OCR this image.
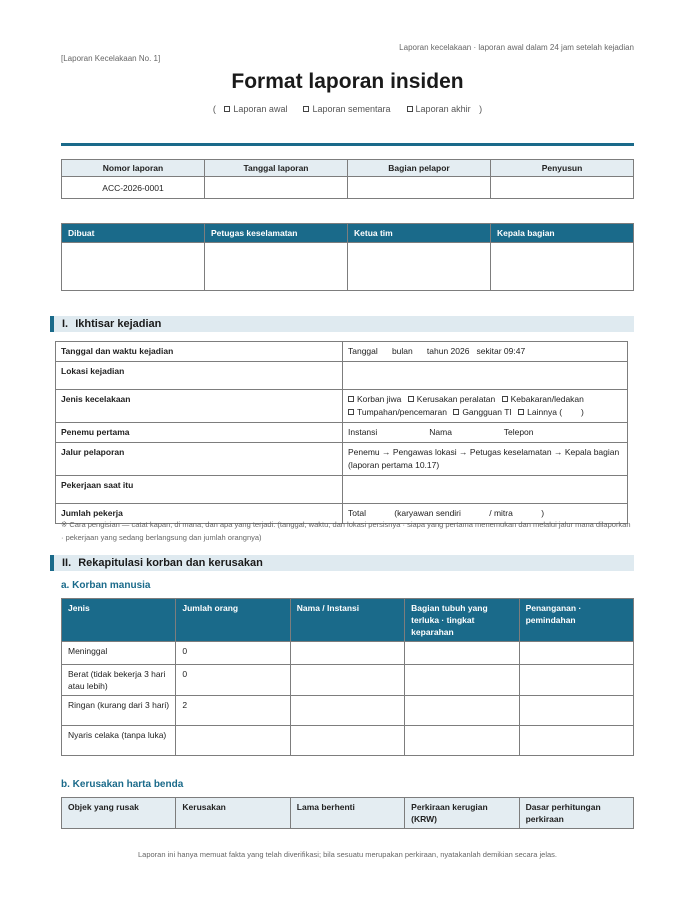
Laporan kecelakaan · laporan awal dalam 24 jam setelah kejadian
[Laporan Kecelakaan No. 1]
Format laporan insiden
( Laporan awal	Laporan sementara	Laporan akhir )
Nomor laporan	Tanggal laporan	Bagian pelapor	Penyusun
ACC-2026-0001			
Dibuat	Petugas keselamatan	Ketua tim	Kepala bagian

I. Ikhtisar kejadian
Tanggal dan waktu kejadian	Tanggal      bulan      tahun 2026   sekitar 09:47
Lokasi kejadian	
Jenis kecelakaan	Korban jiwa Kerusakan peralatan Kebakaran/ledakan
Tumpahan/pencemaran Gangguan TI Lainnya (        )

Penemu pertama	Instansi                      Nama                      Telepon
Jalur pelaporan	Penemu → Pengawas lokasi → Petugas keselamatan → Kepala bagian   (laporan pertama 10.17)
Pekerjaan saat itu	
Jumlah pekerja	Total            (karyawan sendiri            / mitra            )
※ Cara pengisian — catat kapan, di mana, dan apa yang terjadi. (tanggal, waktu, dan lokasi persisnya · siapa yang pertama menemukan dan melalui jalur mana dilaporkan · pekerjaan yang sedang berlangsung dan jumlah orangnya)
II. Rekapitulasi korban dan kerusakan
a. Korban manusia
Jenis	Jumlah orang	Nama / Instansi	Bagian tubuh yang terluka · tingkat keparahan	Penanganan · pemindahan
Meninggal	0			
Berat (tidak bekerja 3 hari atau lebih)	0			
Ringan (kurang dari 3 hari)	2			
Nyaris celaka (tanpa luka)				
b. Kerusakan harta benda
Objek yang rusak	Kerusakan	Lama berhenti	Perkiraan kerugian (KRW)	Dasar perhitungan perkiraan
Laporan ini hanya memuat fakta yang telah diverifikasi; bila sesuatu merupakan perkiraan, nyatakanlah demikian secara jelas.
